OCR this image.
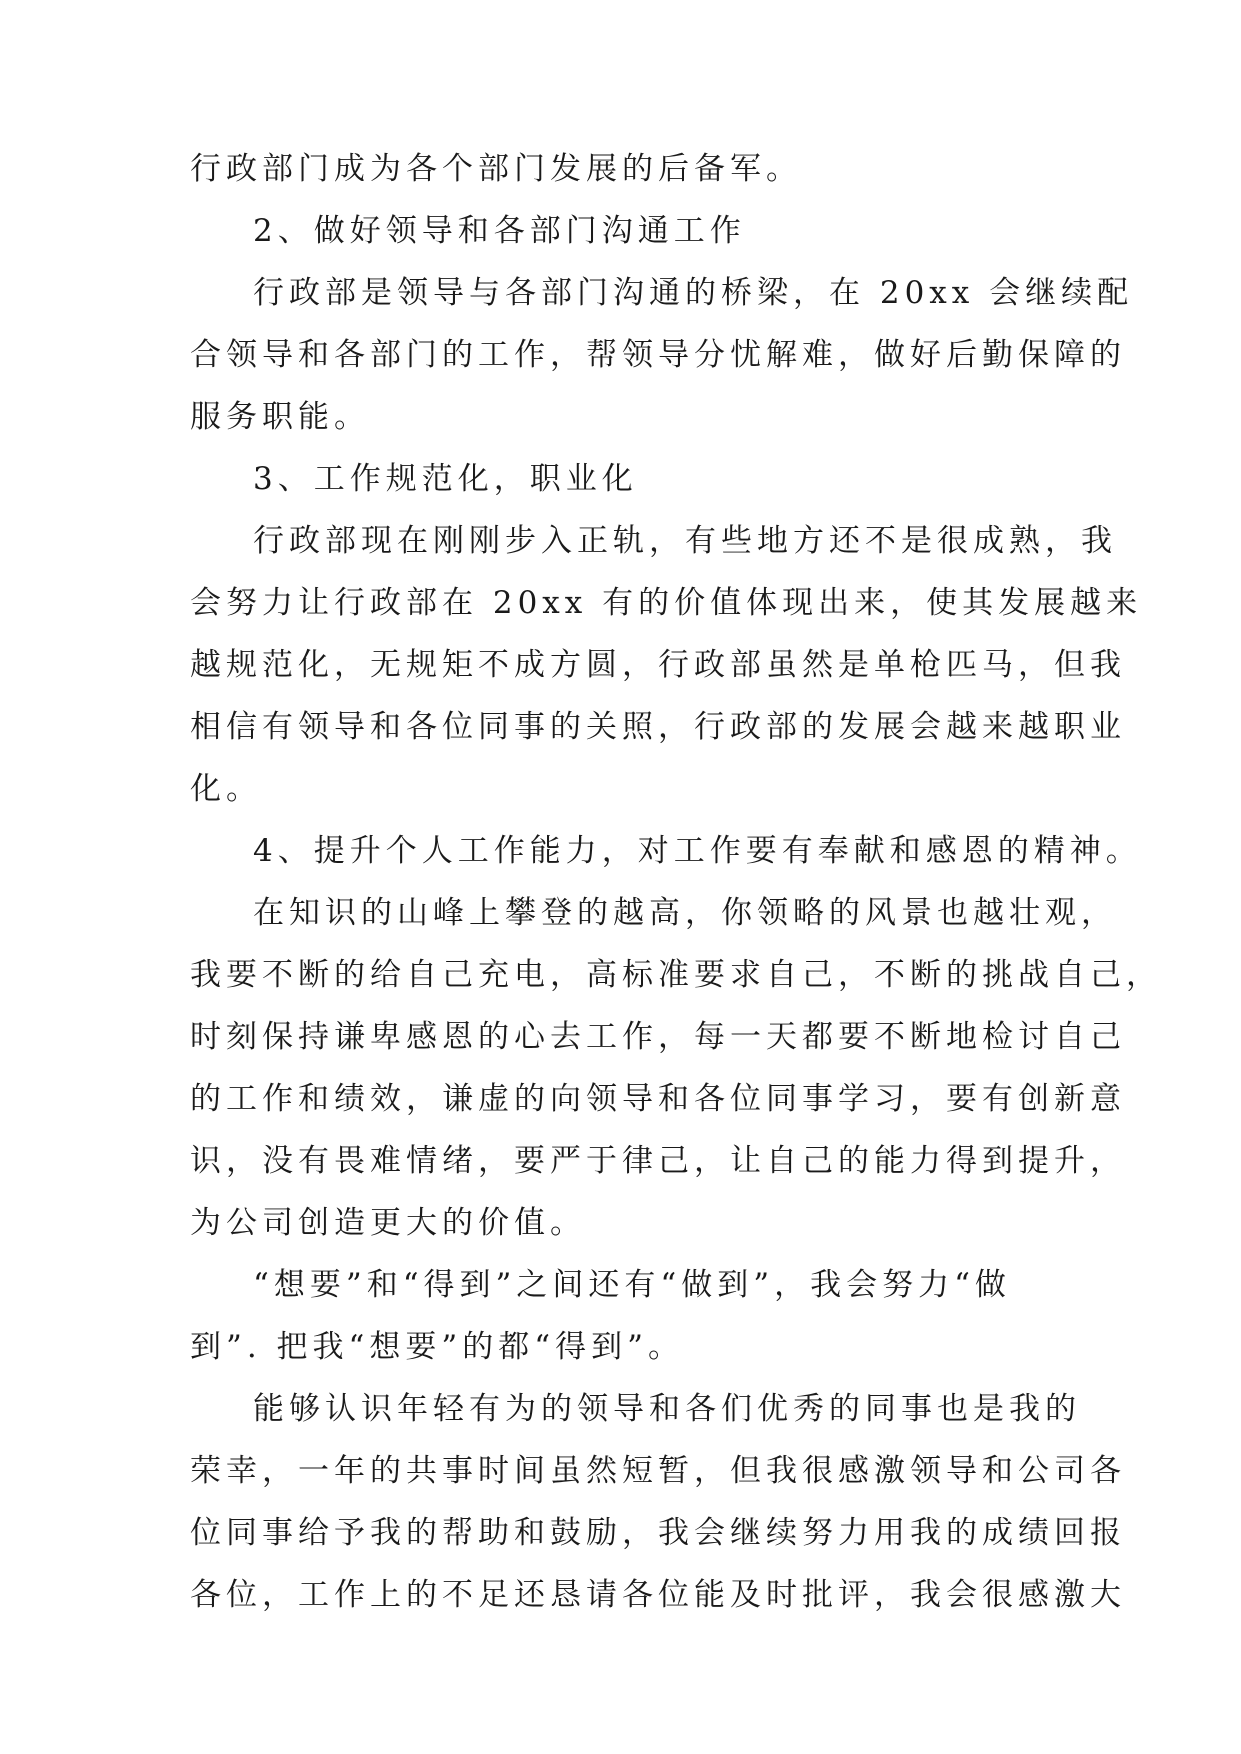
行政部门成为各个部门发展的后备军。
2、做好领导和各部门沟通工作
行政部是领导与各部门沟通的桥梁，在 20xx 会继续配
合领导和各部门的工作，帮领导分忧解难，做好后勤保障的
服务职能。
3、工作规范化，职业化
行政部现在刚刚步入正轨，有些地方还不是很成熟，我
会努力让行政部在 20xx 有的价值体现出来，使其发展越来
越规范化，无规矩不成方圆，行政部虽然是单枪匹马，但我
相信有领导和各位同事的关照，行政部的发展会越来越职业
化。
4、提升个人工作能力，对工作要有奉献和感恩的精神。
在知识的山峰上攀登的越高，你领略的风景也越壮观，
我要不断的给自己充电，高标准要求自己，不断的挑战自己，
时刻保持谦卑感恩的心去工作，每一天都要不断地检讨自己
的工作和绩效，谦虚的向领导和各位同事学习，要有创新意
识，没有畏难情绪，要严于律己，让自己的能力得到提升，
为公司创造更大的价值。
“想要”和“得到”之间还有“做到”，我会努力“做
到”. 把我“想要”的都“得到”。
能够认识年轻有为的领导和各们优秀的同事也是我的
荣幸，一年的共事时间虽然短暂，但我很感激领导和公司各
位同事给予我的帮助和鼓励，我会继续努力用我的成绩回报
各位，工作上的不足还恳请各位能及时批评，我会很感激大
